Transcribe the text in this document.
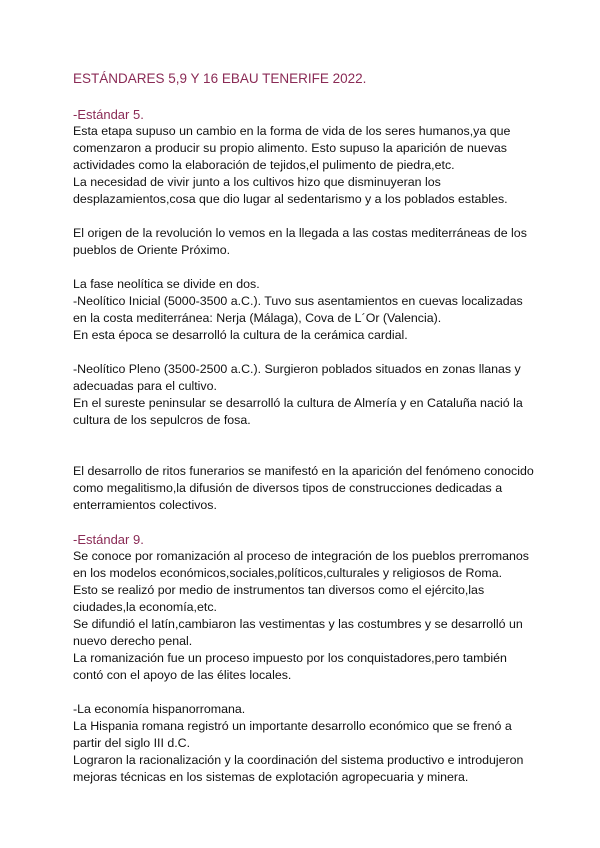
ESTÁNDARES 5,9 Y 16 EBAU TENERIFE 2022.
-Estándar 5.
Esta etapa supuso un cambio en la forma de vida de los seres humanos,ya que
comenzaron a producir su propio alimento. Esto supuso la aparición de nuevas
actividades como la elaboración de tejidos,el pulimento de piedra,etc.
La necesidad de vivir junto a los cultivos hizo que disminuyeran los
desplazamientos,cosa que dio lugar al sedentarismo y a los poblados estables.
El origen de la revolución lo vemos en la llegada a las costas mediterráneas de los
pueblos de Oriente Próximo.
La fase neolítica se divide en dos.
-Neolítico Inicial (5000-3500 a.C.). Tuvo sus asentamientos en cuevas localizadas
en la costa mediterránea: Nerja (Málaga), Cova de L´Or (Valencia).
En esta época se desarrolló la cultura de la cerámica cardial.
-Neolítico Pleno (3500-2500 a.C.). Surgieron poblados situados en zonas llanas y
adecuadas para el cultivo.
En el sureste peninsular se desarrolló la cultura de Almería y en Cataluña nació la
cultura de los sepulcros de fosa.
El desarrollo de ritos funerarios se manifestó en la aparición del fenómeno conocido
como megalitismo,la difusión de diversos tipos de construcciones dedicadas a
enterramientos colectivos.
-Estándar 9.
Se conoce por romanización al proceso de integración de los pueblos prerromanos
en los modelos económicos,sociales,políticos,culturales y religiosos de Roma.
Esto se realizó por medio de instrumentos tan diversos como el ejército,las
ciudades,la economía,etc.
Se difundió el latín,cambiaron las vestimentas y las costumbres y se desarrolló un
nuevo derecho penal.
La romanización fue un proceso impuesto por los conquistadores,pero también
contó con el apoyo de las élites locales.
-La economía hispanorromana.
La Hispania romana registró un importante desarrollo económico que se frenó a
partir del siglo III d.C.
Lograron la racionalización y la coordinación del sistema productivo e introdujeron
mejoras técnicas en los sistemas de explotación agropecuaria y minera.
